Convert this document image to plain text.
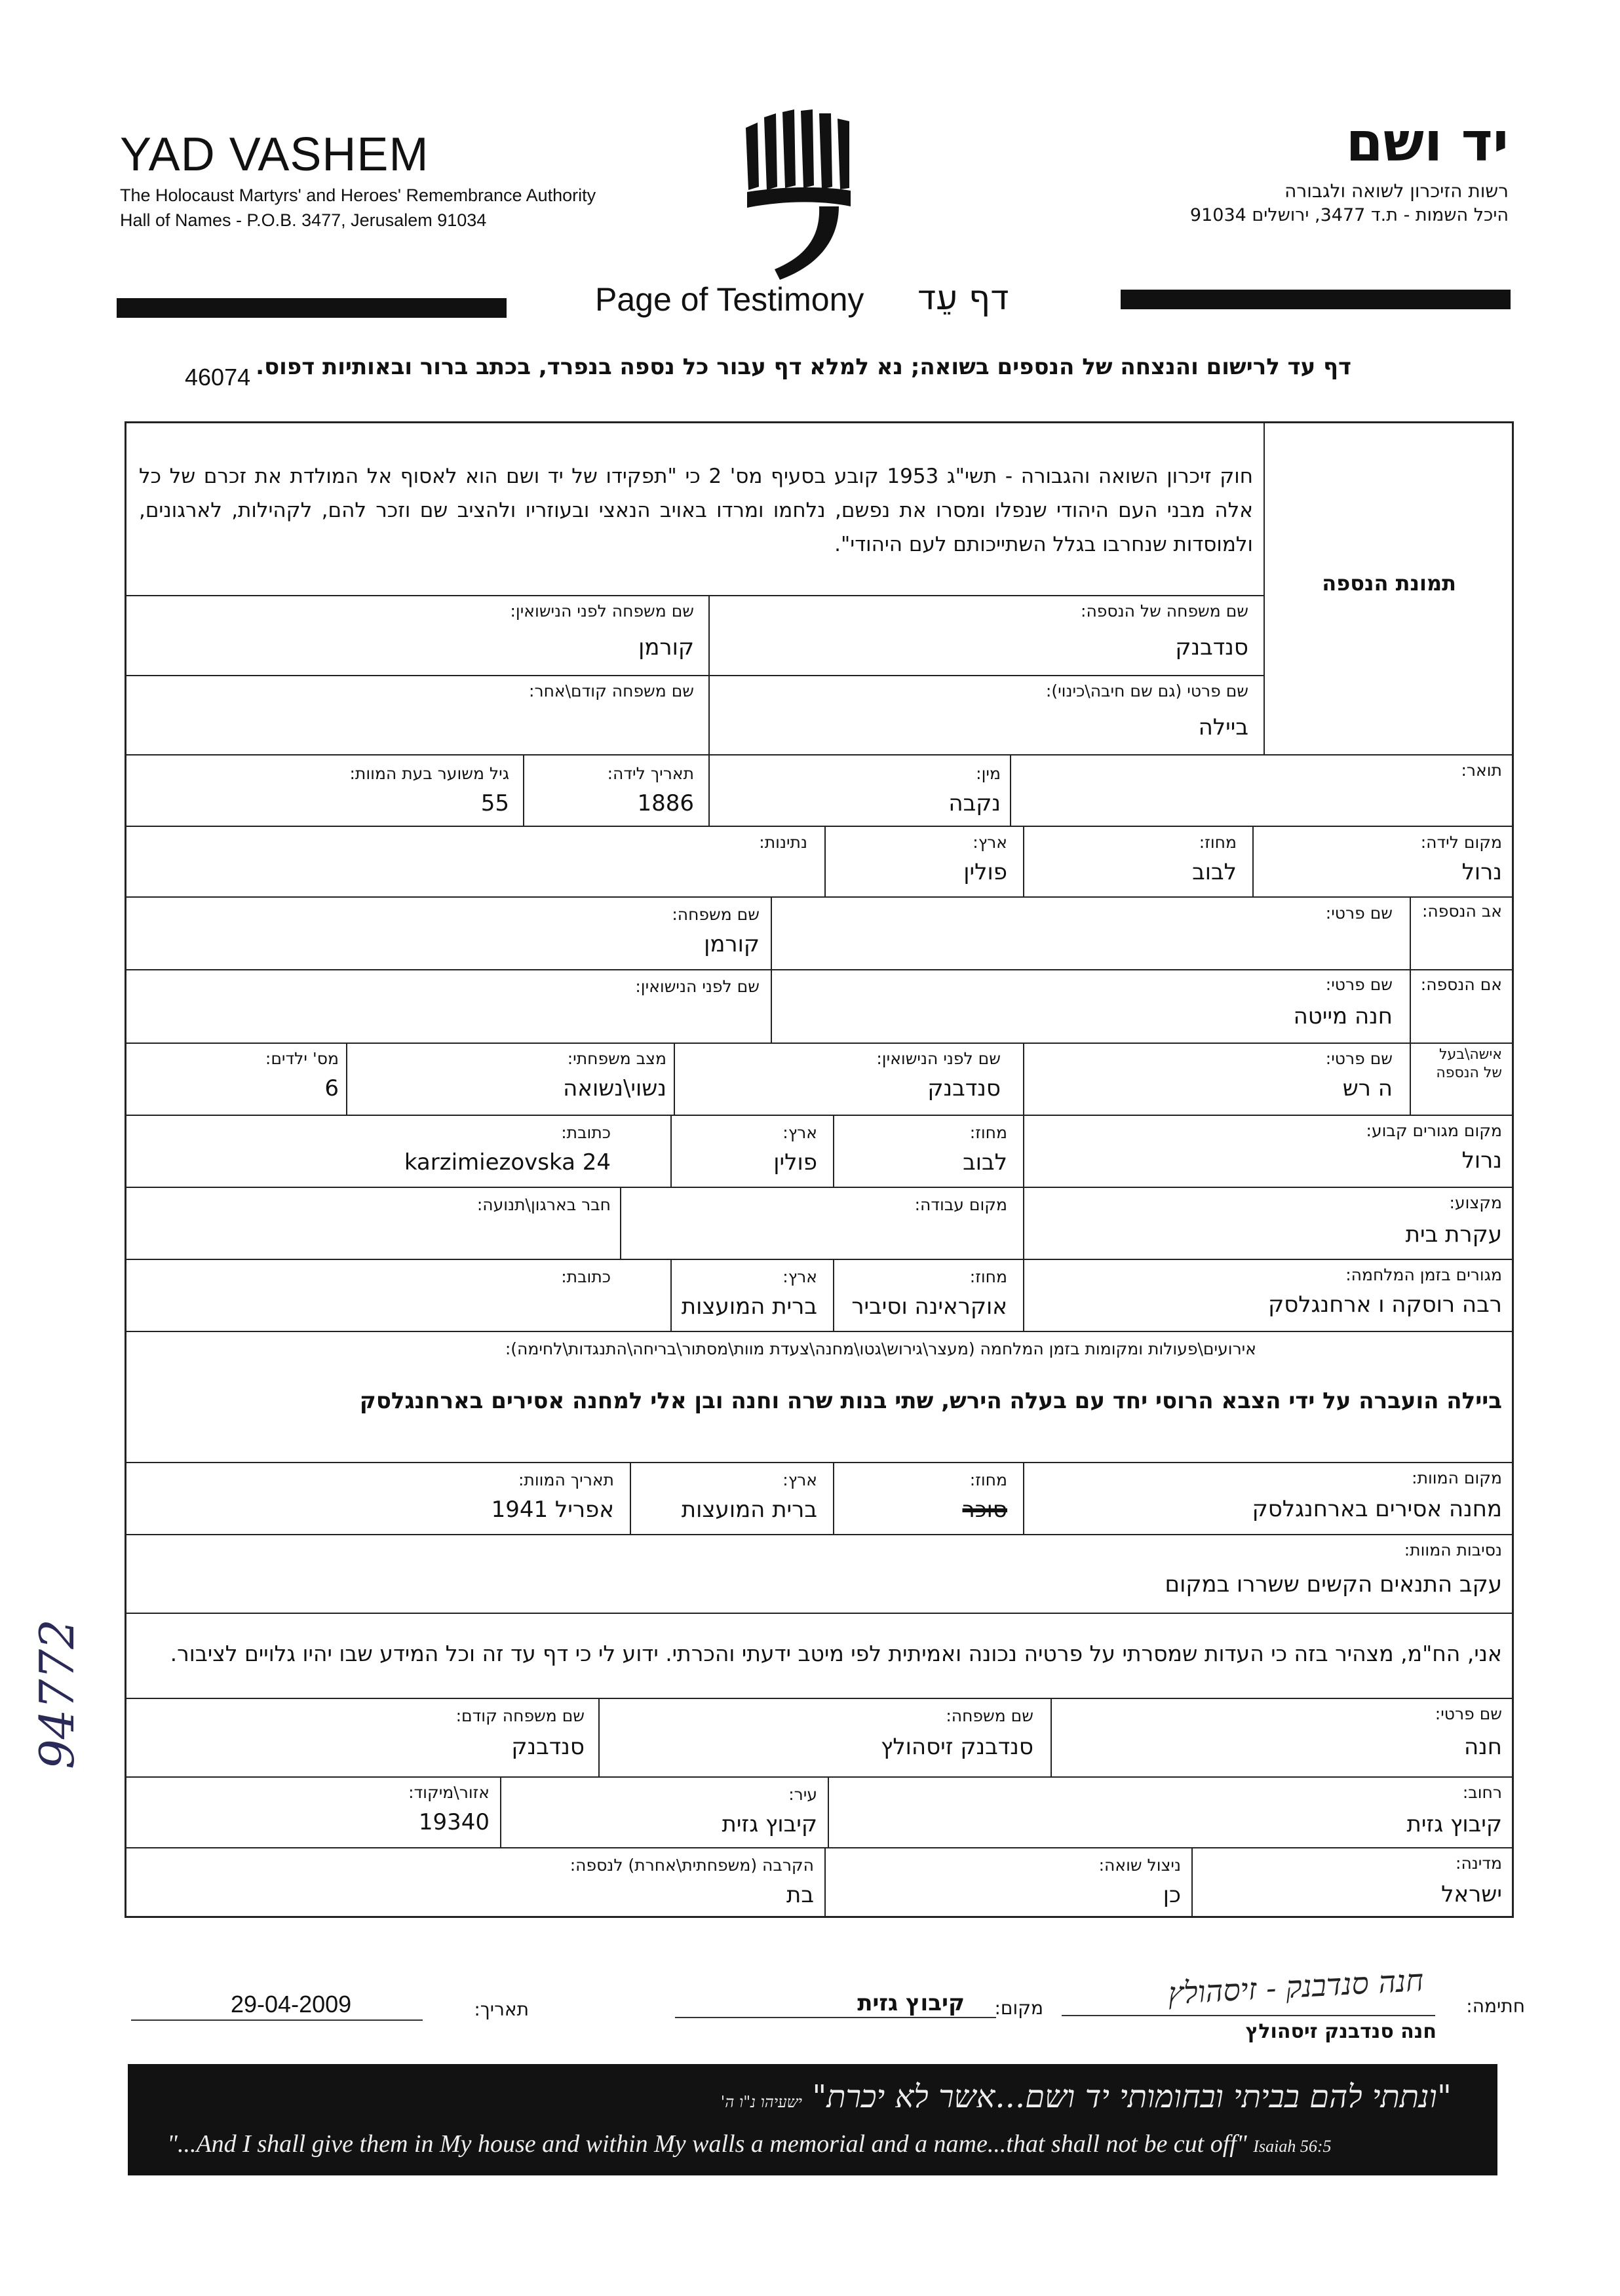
YAD VASHEM
The Holocaust Martyrs' and Heroes' Remembrance Authority
Hall of Names - P.O.B. 3477, Jerusalem 91034
יד ושם
רשות הזיכרון לשואה ולגבורה
היכל השמות - ת.ד 3477, ירושלים 91034
Page of Testimony דף עֵד
דף עד לרישום והנצחה של הנספים בשואה; נא למלא דף עבור כל נספה בנפרד, בכתב ברור ובאותיות דפוס.
46074
חוק זיכרון השואה והגבורה - תשי"ג 1953 קובע בסעיף מס' 2 כי "תפקידו של יד ושם הוא לאסוף אל המולדת את זכרם של כל אלה מבני העם היהודי שנפלו ומסרו את נפשם, נלחמו ומרדו באויב הנאצי ובעוזריו ולהציב שם וזכר להם, לקהילות, לארגונים, ולמוסדות שנחרבו בגלל השתייכותם לעם היהודי".
תמונת הנספה
שם משפחה של הנספה :
סנדבנק
שם משפחה לפני הנישואין :
קורמן
שם פרטי (גם שם חיבה\כינוי) :
ביילה
שם משפחה קודם\אחר :
תואר :
מין :
נקבה
תאריך לידה :
1886
גיל משוער בעת המוות :
55
מקום לידה :
נרול
מחוז :
לבוב
ארץ :
פולין
נתינות :
אב הנספה :
שם פרטי :
שם משפחה :
קורמן
אם הנספה :
שם פרטי :
חנה מייטה
שם לפני הנישואין :
אישה\בעל
של הנספה
שם פרטי :
ה רש
שם לפני הנישואין :
סנדבנק
מצב משפחתי :
נשוי\נשואה
מס' ילדים :
6
מקום מגורים קבוע :
נרול
מחוז :
לבוב
ארץ :
פולין
כתובת :
karzimiezovska 24
מקצוע :
עקרת בית
מקום עבודה :
חבר בארגון\תנועה :
מגורים בזמן המלחמה :
רבה רוסקה ו ארחנגלסק
מחוז :
אוקראינה וסיביר
ארץ :
ברית המועצות
כתובת :
אירועים\פעולות ומקומות בזמן המלחמה (מעצר\גירוש\גטו\מחנה\צעדת מוות\מסתור\בריחה\התנגדות\לחימה) :
ביילה הועברה על ידי הצבא הרוסי יחד עם בעלה הירש, שתי בנות שרה וחנה ובן אלי למחנה אסירים בארחנגלסק
מקום המוות :
מחנה אסירים בארחנגלסק
מחוז :
סוכר
ארץ :
ברית המועצות
תאריך המוות :
אפריל 1941
נסיבות המוות :
עקב התנאים הקשים ששררו במקום
אני, הח"מ, מצהיר בזה כי העדות שמסרתי על פרטיה נכונה ואמיתית לפי מיטב ידעתי והכרתי. ידוע לי כי דף עד זה וכל המידע שבו יהיו גלויים לציבור.
שם פרטי :
חנה
שם משפחה :
סנדבנק זיסהולץ
שם משפחה קודם :
סנדבנק
רחוב :
קיבוץ גזית
עיר :
קיבוץ גזית
אזור\מיקוד :
19340
מדינה :
ישראל
ניצול שואה :
כן
הקרבה (משפחתית\אחרת) לנספה :
בת
חתימה:
חנה סנדבנק - זיסהולץ
חנה סנדבנק זיסהולץ
מקום:
קיבוץ גזית
תאריך:
29-04-2009
94772
"ונתתי להם בביתי ובחומותי יד ושם...אשר לא יכרת" ישעיהו נ"ו ה'
"...And I shall give them in My house and within My walls a memorial and a name...that shall not be cut off" Isaiah 56:5
